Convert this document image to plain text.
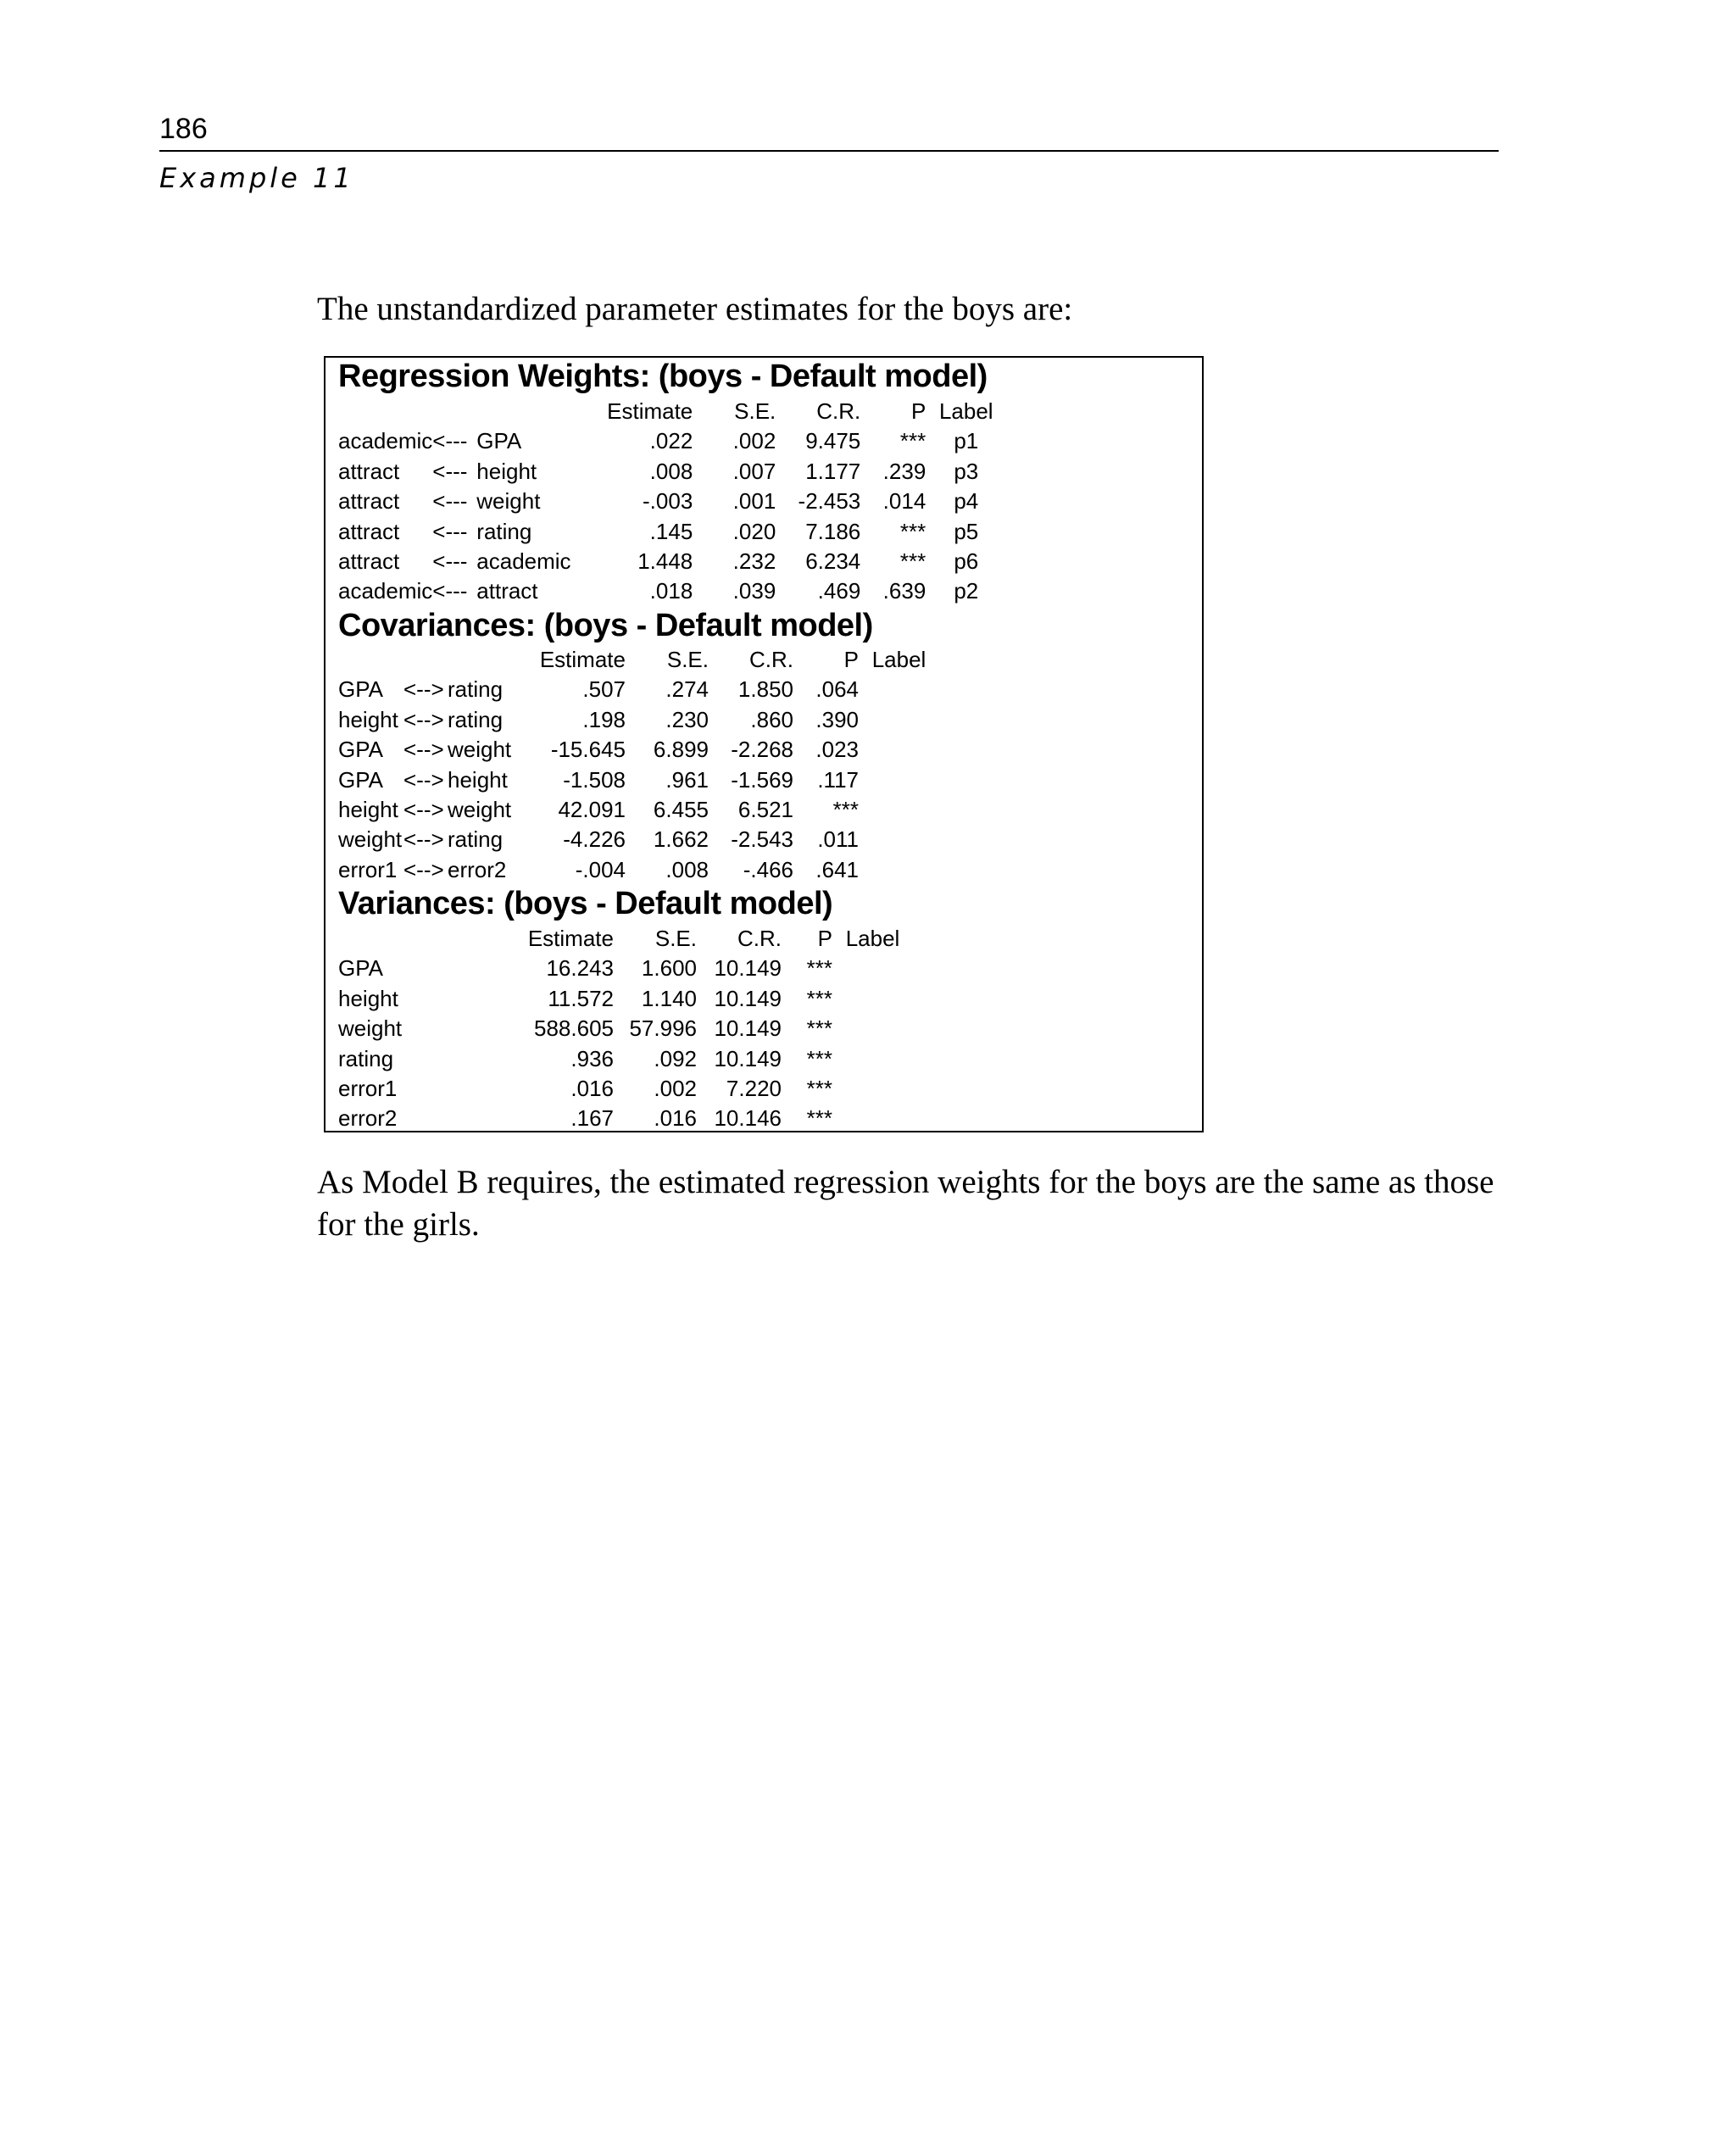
186
Example 11

The unstandardized parameter estimates for the boys are:

Regression Weights: (boys - Default model)
			Estimate	S.E.	C.R.	P	Label
academic	<---	GPA	.022	.002	9.475	***	p1
attract	<---	height	.008	.007	1.177	.239	p3
attract	<---	weight	-.003	.001	-2.453	.014	p4
attract	<---	rating	.145	.020	7.186	***	p5
attract	<---	academic	1.448	.232	6.234	***	p6
academic	<---	attract	.018	.039	.469	.639	p2
Covariances: (boys - Default model)
			Estimate	S.E.	C.R.	P	Label
GPA	<-->	rating	.507	.274	1.850	.064	
height	<-->	rating	.198	.230	.860	.390	
GPA	<-->	weight	-15.645	6.899	-2.268	.023	
GPA	<-->	height	-1.508	.961	-1.569	.117	
height	<-->	weight	42.091	6.455	6.521	***	
weight	<-->	rating	-4.226	1.662	-2.543	.011	
error1	<-->	error2	-.004	.008	-.466	.641	
Variances: (boys - Default model)
	Estimate	S.E.	C.R.	P	Label
GPA	16.243	1.600	10.149	***	
height	11.572	1.140	10.149	***	
weight	588.605	57.996	10.149	***	
rating	.936	.092	10.149	***	
error1	.016	.002	7.220	***	
error2	.167	.016	10.146	***	

As Model B requires, the estimated regression weights for the boys are the same as those for the girls.
